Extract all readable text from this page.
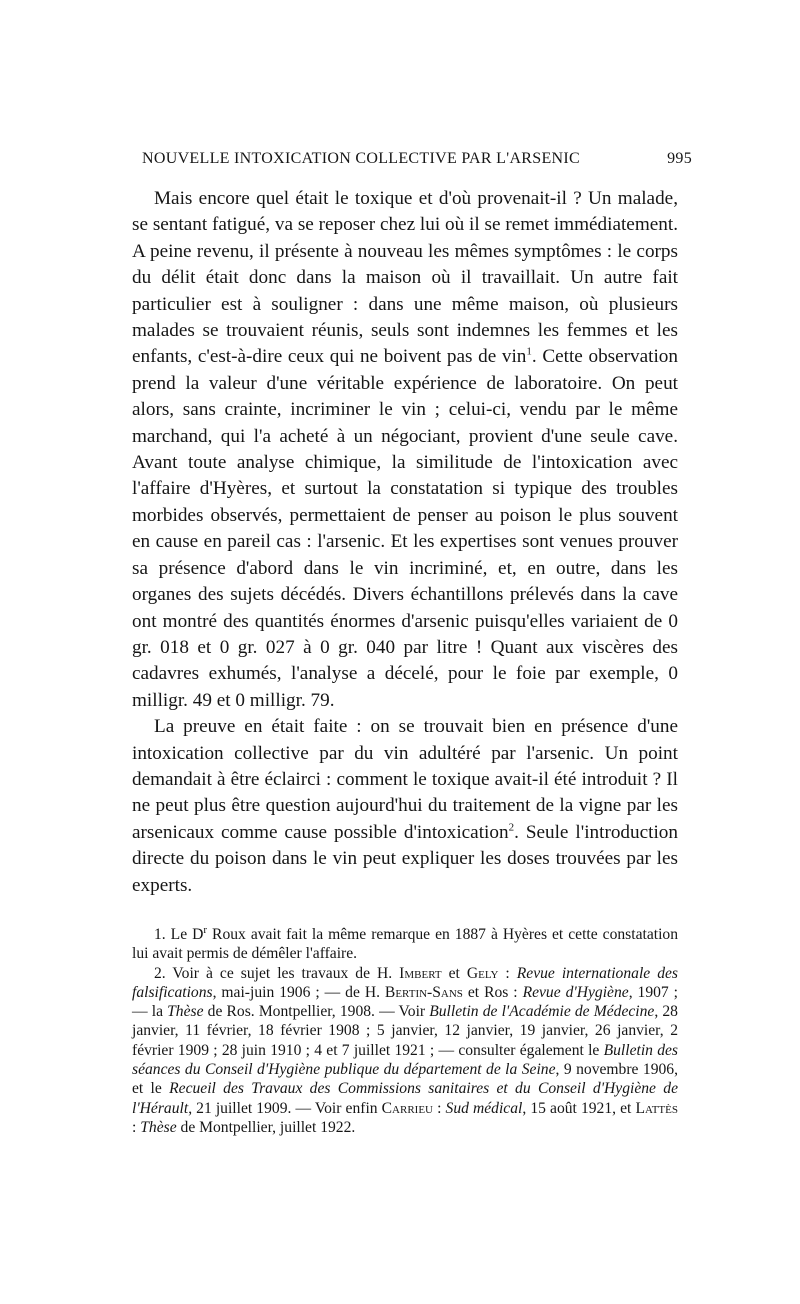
NOUVELLE INTOXICATION COLLECTIVE PAR L'ARSENIC	995

Mais encore quel était le toxique et d'où provenait-il ? Un malade, se sentant fatigué, va se reposer chez lui où il se remet immédiatement. A peine revenu, il présente à nouveau les mêmes symptômes : le corps du délit était donc dans la maison où il travaillait. Un autre fait particulier est à souligner : dans une même maison, où plusieurs malades se trouvaient réunis, seuls sont indemnes les femmes et les enfants, c'est-à-dire ceux qui ne boivent pas de vin$^1$. Cette observation prend la valeur d'une véritable expérience de laboratoire. On peut alors, sans crainte, incriminer le vin ; celui-ci, vendu par le même marchand, qui l'a acheté à un négociant, provient d'une seule cave. Avant toute analyse chimique, la similitude de l'intoxication avec l'affaire d'Hyères, et surtout la constatation si typique des troubles morbides observés, permettaient de penser au poison le plus souvent en cause en pareil cas : l'arsenic. Et les expertises sont venues prouver sa présence d'abord dans le vin incriminé, et, en outre, dans les organes des sujets décédés. Divers échantillons prélevés dans la cave ont montré des quantités énormes d'arsenic puisqu'elles variaient de 0 gr. 018 et 0 gr. 027 à 0 gr. 040 par litre ! Quant aux viscères des cadavres exhumés, l'analyse a décelé, pour le foie par exemple, 0 milligr. 49 et 0 milligr. 79.

La preuve en était faite : on se trouvait bien en présence d'une intoxication collective par du vin adultéré par l'arsenic. Un point demandait à être éclairci : comment le toxique avait-il été introduit ? Il ne peut plus être question aujourd'hui du traitement de la vigne par les arsenicaux comme cause possible d'intoxication$^2$. Seule l'introduction directe du poison dans le vin peut expliquer les doses trouvées par les experts.

1. Le $D^r$ Roux avait fait la même remarque en 1887 à Hyères et cette constatation lui avait permis de démêler l'affaire.

2. Voir à ce sujet les travaux de H. Imbert et Gely : Revue internationale des falsifications, mai-juin 1906 ; — de H. Bertin-Sans et Ros : Revue d'Hygiène, 1907 ; — la Thèse de Ros. Montpellier, 1908. — Voir Bulletin de l'Académie de Médecine, 28 janvier, 11 février, 18 février 1908 ; 5 janvier, 12 janvier, 19 janvier, 26 janvier, 2 février 1909 ; 28 juin 1910 ; 4 et 7 juillet 1921 ; — consulter également le Bulletin des séances du Conseil d'Hygiène publique du département de la Seine, 9 novembre 1906, et le Recueil des Travaux des Commissions sanitaires et du Conseil d'Hygiène de l'Hérault, 21 juillet 1909. — Voir enfin Carrieu : Sud médical, 15 août 1921, et Lattès : Thèse de Montpellier, juillet 1922.
